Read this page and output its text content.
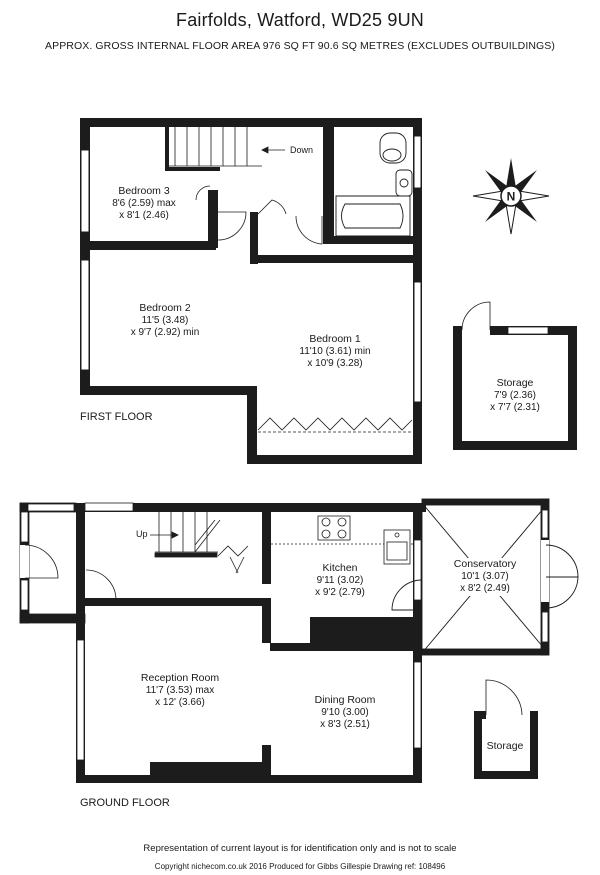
N
Fairfolds, Watford, WD25 9UN
APPROX. GROSS INTERNAL FLOOR AREA 976 SQ FT 90.6 SQ METRES (EXCLUDES OUTBUILDINGS)
Bedroom 3
8'6 (2.59) max
x 8'1 (2.46)
Bedroom 2
11'5 (3.48)
x 9'7 (2.92) min
Bedroom 1
11'10 (3.61) min
x 10'9 (3.28)
Storage
7'9 (2.36)
x 7'7 (2.31)
Down
FIRST FLOOR
Up
Kitchen
9'11 (3.02)
x 9'2 (2.79)
Conservatory
10'1 (3.07)
x 8'2 (2.49)
Reception Room
11'7 (3.53) max
x 12' (3.66)	Dining Room
9'10 (3.00)
x 8'3 (2.51)
Storage
GROUND FLOOR
Representation of current layout is for identification only and is not to scale
Copyright nichecom.co.uk 2016 Produced for Gibbs Gillespie Drawing ref: 108496
